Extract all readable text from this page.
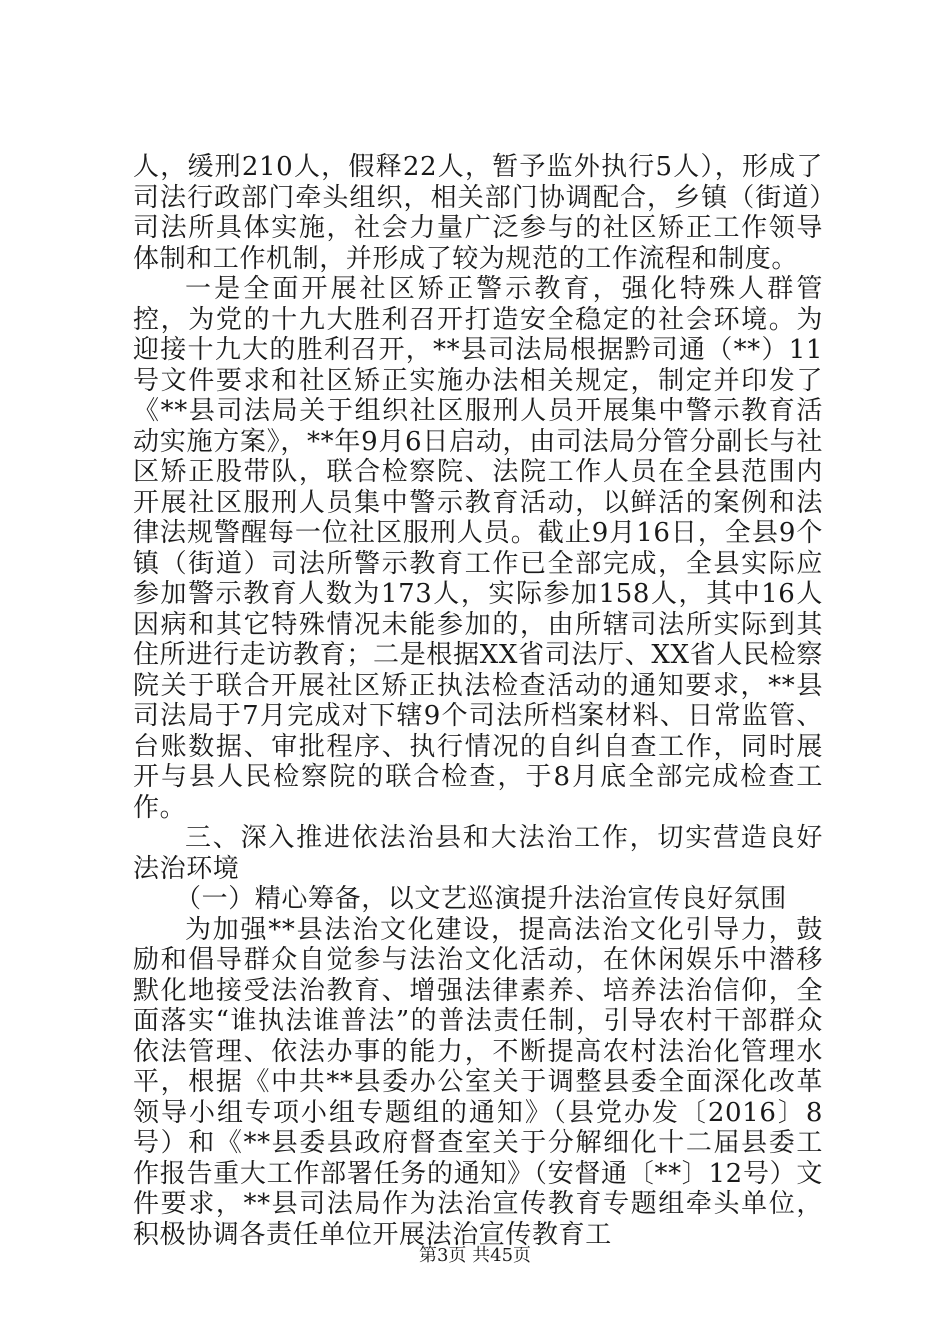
人，缓刑210人，假释22人，暂予监外执行5人），形成了司法行政部门牵头组织，相关部门协调配合，乡镇（街道）司法所具体实施，社会力量广泛参与的社区矫正工作领导体制和工作机制，并形成了较为规范的工作流程和制度。

一是全面开展社区矫正警示教育，强化特殊人群管控，为党的十九大胜利召开打造安全稳定的社会环境。为迎接十九大的胜利召开，**县司法局根据黔司通（**）11号文件要求和社区矫正实施办法相关规定，制定并印发了《**县司法局关于组织社区服刑人员开展集中警示教育活动实施方案》，**年9月6日启动，由司法局分管分副长与社区矫正股带队，联合检察院、法院工作人员在全县范围内开展社区服刑人员集中警示教育活动，以鲜活的案例和法律法规警醒每一位社区服刑人员。截止9月16日，全县9个镇（街道）司法所警示教育工作已全部完成，全县实际应参加警示教育人数为173人，实际参加158人，其中16人因病和其它特殊情况未能参加的，由所辖司法所实际到其住所进行走访教育；二是根据XX省司法厅、XX省人民检察院关于联合开展社区矫正执法检查活动的通知要求，**县司法局于7月完成对下辖9个司法所档案材料、日常监管、台账数据、审批程序、执行情况的自纠自查工作，同时展开与县人民检察院的联合检查，于8月底全部完成检查工作。

三、深入推进依法治县和大法治工作，切实营造良好法治环境

（一）精心筹备，以文艺巡演提升法治宣传良好氛围

为加强**县法治文化建设，提高法治文化引导力，鼓励和倡导群众自觉参与法治文化活动，在休闲娱乐中潜移默化地接受法治教育、增强法律素养、培养法治信仰，全面落实“谁执法谁普法”的普法责任制，引导农村干部群众依法管理、依法办事的能力，不断提高农村法治化管理水平，根据《中共**县委办公室关于调整县委全面深化改革领导小组专项小组专题组的通知》（县党办发〔2016〕8号）和《**县委县政府督查室关于分解细化十二届县委工作报告重大工作部署任务的通知》（安督通〔**〕12号）文件要求，**县司法局作为法治宣传教育专题组牵头单位，积极协调各责任单位开展法治宣传教育工

第3页 共45页
